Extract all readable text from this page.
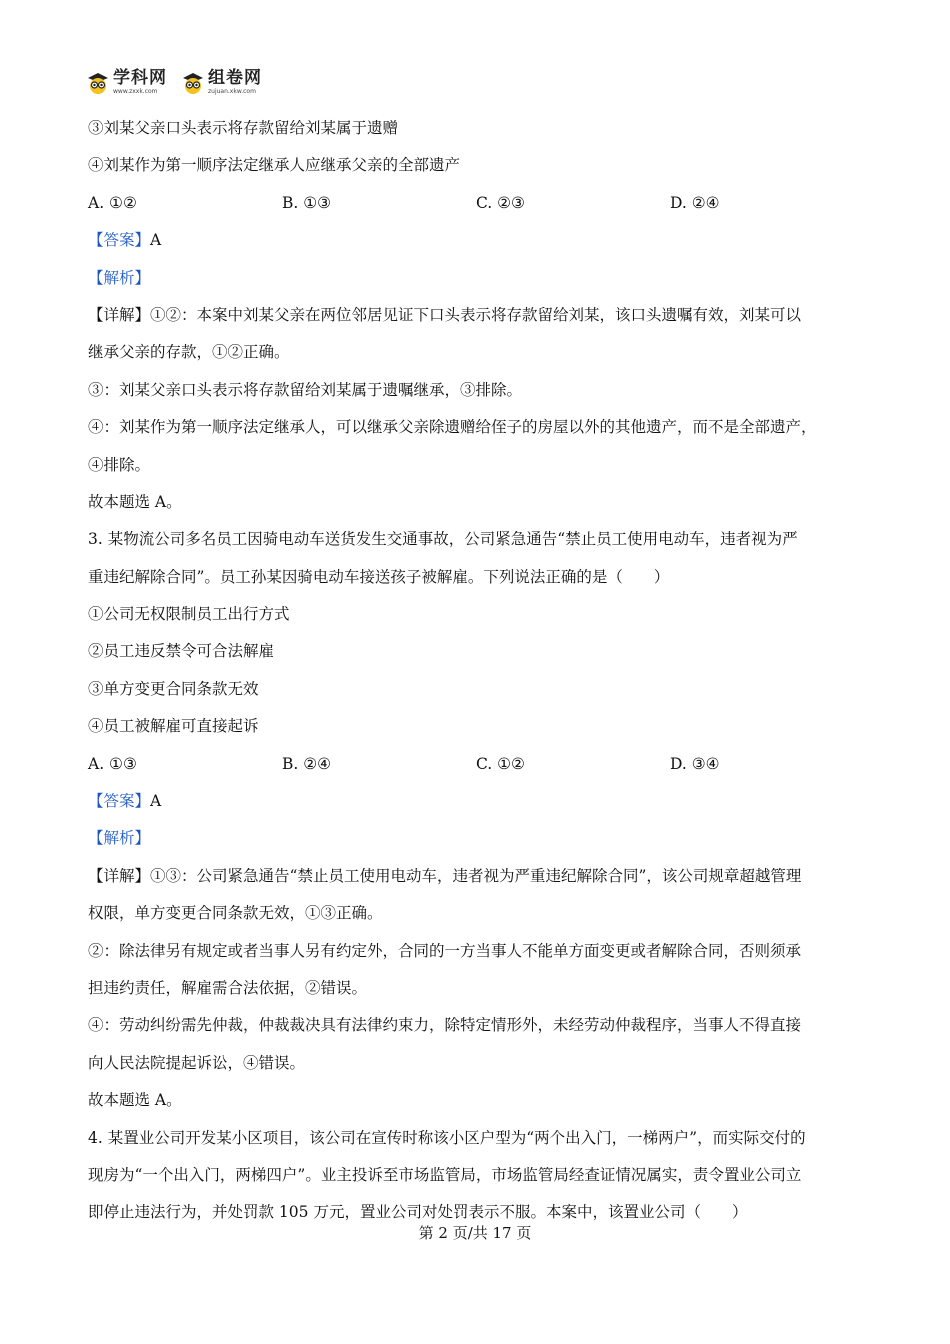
学科网
www.zxxk.com
组卷网
zujuan.xkw.com
③刘某父亲口头表示将存款留给刘某属于遗赠
④刘某作为第一顺序法定继承人应继承父亲的全部遗产
A. ①②	B. ①③	C. ②③	D. ②④
【答案】A
【解析】
【详解】①②：本案中刘某父亲在两位邻居见证下口头表示将存款留给刘某，该口头遗嘱有效，刘某可以
继承父亲的存款，①②正确。
③：刘某父亲口头表示将存款留给刘某属于遗嘱继承，③排除。
④：刘某作为第一顺序法定继承人，可以继承父亲除遗赠给侄子的房屋以外的其他遗产，而不是全部遗产，
④排除。
故本题选 A。
3. 某物流公司多名员工因骑电动车送货发生交通事故，公司紧急通告“禁止员工使用电动车，违者视为严
重违纪解除合同”。员工孙某因骑电动车接送孩子被解雇。下列说法正确的是（　　）
①公司无权限制员工出行方式
②员工违反禁令可合法解雇
③单方变更合同条款无效
④员工被解雇可直接起诉
A. ①③	B. ②④	C. ①②	D. ③④
【答案】A
【解析】
【详解】①③：公司紧急通告“禁止员工使用电动车，违者视为严重违纪解除合同”，该公司规章超越管理
权限，单方变更合同条款无效，①③正确。
②：除法律另有规定或者当事人另有约定外，合同的一方当事人不能单方面变更或者解除合同，否则须承
担违约责任，解雇需合法依据，②错误。
④：劳动纠纷需先仲裁，仲裁裁决具有法律约束力，除特定情形外，未经劳动仲裁程序，当事人不得直接
向人民法院提起诉讼，④错误。
故本题选 A。
4. 某置业公司开发某小区项目，该公司在宣传时称该小区户型为“两个出入门，一梯两户”，而实际交付的
现房为“一个出入门，两梯四户”。业主投诉至市场监管局，市场监管局经查证情况属实，责令置业公司立
即停止违法行为，并处罚款 105 万元，置业公司对处罚表示不服。本案中，该置业公司（　　）
第 2 页/共 17 页
